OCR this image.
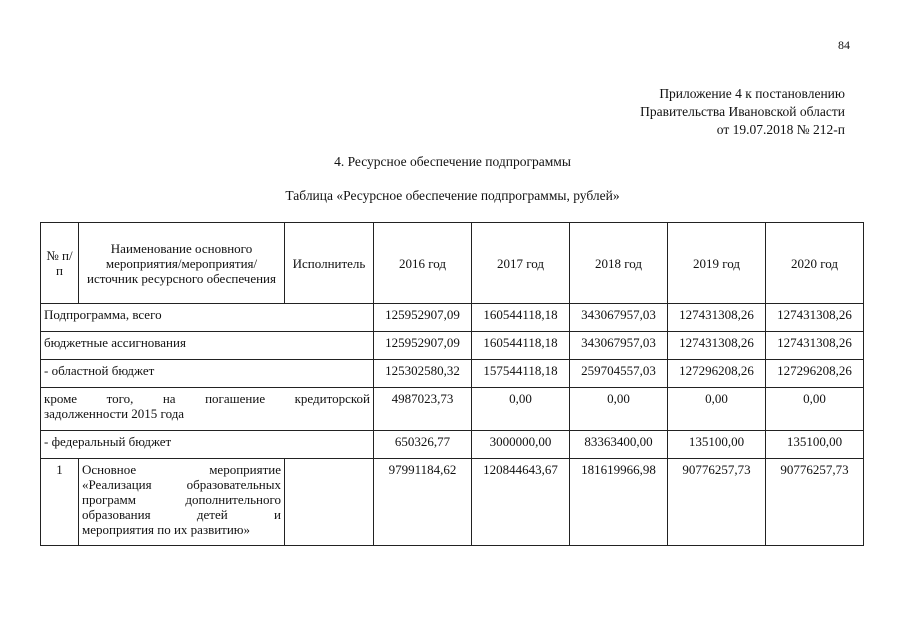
84
Приложение 4 к постановлению
Правительства Ивановской области
от 19.07.2018 № 212-п
4. Ресурсное обеспечение подпрограммы
Таблица «Ресурсное обеспечение подпрограммы, рублей»
№ п/п	Наименование основного мероприятия/мероприятия/ источник ресурсного обеспечения	Исполнитель	2016 год	2017 год	2018 год	2019 год	2020 год
Подпрограмма, всего			125952907,09	160544118,18	343067957,03	127431308,26	127431308,26
бюджетные ассигнования			125952907,09	160544118,18	343067957,03	127431308,26	127431308,26
- областной бюджет			125302580,32	157544118,18	259704557,03	127296208,26	127296208,26

кроме того, на погашение кредиторской
задолженности 2015 года			4987023,73	0,00	0,00	0,00	0,00
- федеральный бюджет			650326,77	3000000,00	83363400,00	135100,00	135100,00
1	Основное мероприятие
«Реализация образовательных
программ дополнительного
образования детей и
мероприятия по их развитию»		97991184,62	120844643,67	181619966,98	90776257,73	90776257,73
